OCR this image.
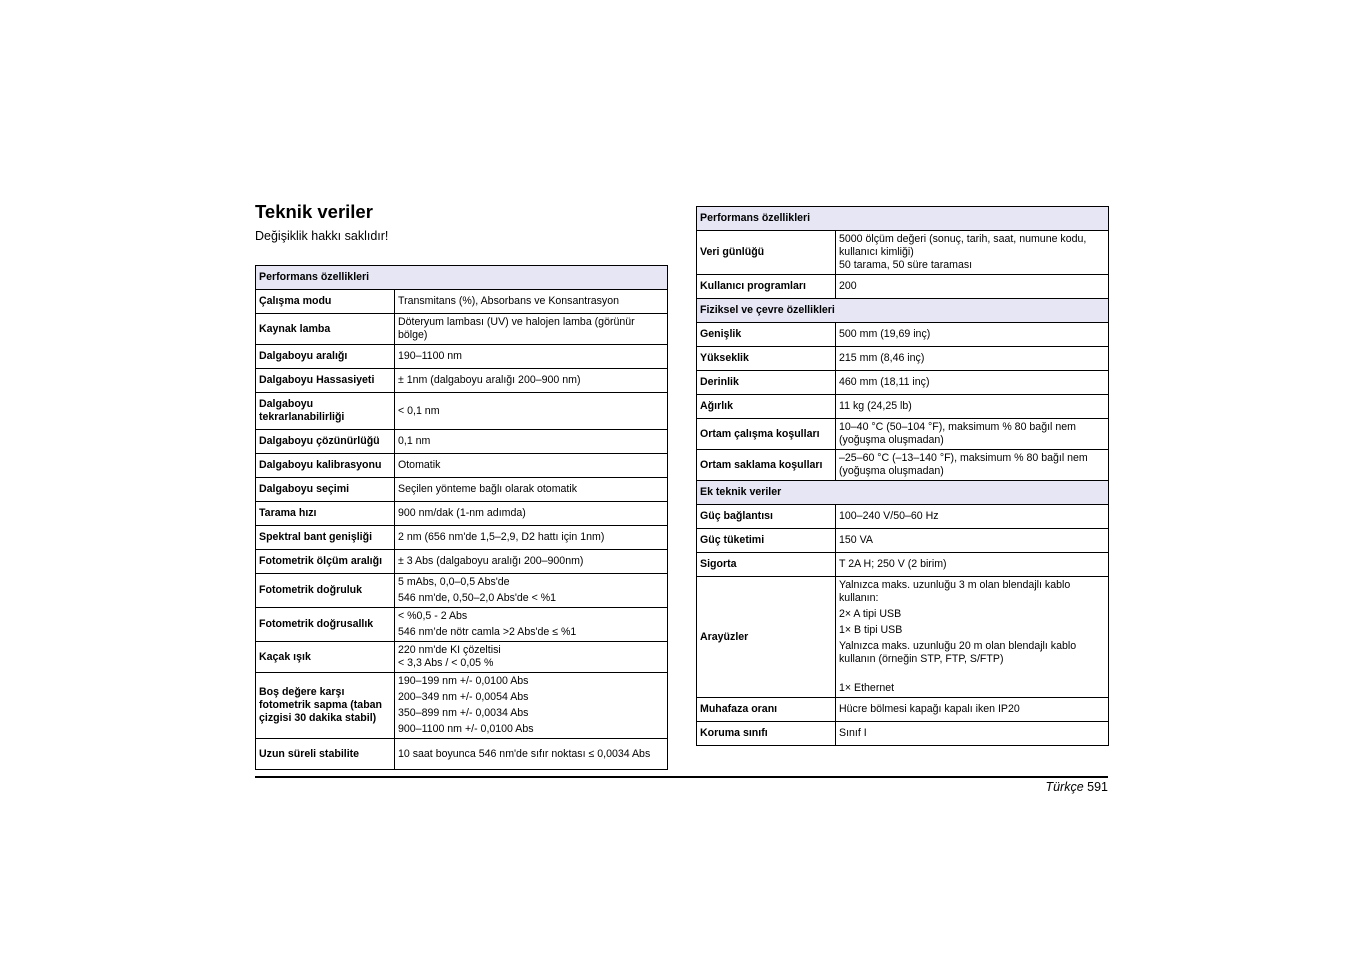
Teknik veriler

Değişiklik hakkı saklıdır!

Performans özellikleri	
Çalışma modu	Transmitans (%), Absorbans ve Konsantrasyon

Kaynak lamba	Döteryum lambası (UV) ve halojen lamba (görünür bölge)

Dalgaboyu aralığı	190–1100 nm

Dalgaboyu Hassasiyeti	± 1nm (dalgaboyu aralığı 200–900 nm)

Dalgaboyu tekrarlanabilirliği	< 0,1 nm

Dalgaboyu çözünürlüğü	0,1 nm

Dalgaboyu kalibrasyonu	Otomatik

Dalgaboyu seçimi	Seçilen yönteme bağlı olarak otomatik

Tarama hızı	900 nm/dak (1-nm adımda)

Spektral bant genişliği	2 nm (656 nm'de 1,5–2,9, D2 hattı için 1nm)

Fotometrik ölçüm aralığı	± 3 Abs (dalgaboyu aralığı 200–900nm)

Fotometrik doğruluk	5 mAbs, 0,0–0,5 Abs'de
546 nm'de, 0,50–2,0 Abs'de < %1

Fotometrik doğrusallık	< %0,5 - 2 Abs
546 nm’de nötr camla >2 Abs'de ≤ %1

Kaçak ışık	220 nm'de KI çözeltisi
< 3,3 Abs / < 0,05 %

Boş değere karşı fotometrik sapma (taban çizgisi 30 dakika stabil)	190–199 nm +/- 0,0100 Abs
200–349 nm +/- 0,0054 Abs
350–899 nm +/- 0,0034 Abs
900–1100 nm +/- 0,0100 Abs

Uzun süreli stabilite	10 saat boyunca 546 nm'de sıfır noktası ≤ 0,0034 Abs
Performans özellikleri	
Veri günlüğü	5000 ölçüm değeri (sonuç, tarih, saat, numune kodu, kullanıcı kimliği)
50 tarama, 50 süre taraması

Kullanıcı programları	200

Fiziksel ve çevre özellikleri	
Genişlik	500 mm (19,69 inç)

Yükseklik	215 mm (8,46 inç)

Derinlik	460 mm (18,11 inç)

Ağırlık	11 kg (24,25 lb)

Ortam çalışma koşulları	10–40 °C (50–104 °F), maksimum % 80 bağıl nem (yoğuşma oluşmadan)

Ortam saklama koşulları	–25–60 °C (–13–140 °F), maksimum % 80 bağıl nem (yoğuşma oluşmadan)

Ek teknik veriler	
Güç bağlantısı	100–240 V/50–60 Hz

Güç tüketimi	150 VA

Sigorta	T 2A H; 250 V (2 birim)

Arayüzler	Yalnızca maks. uzunluğu 3 m olan blendajlı kablo kullanın:
2× A tipi USB
1× B tipi USB
Yalnızca maks. uzunluğu 20 m olan blendajlı kablo kullanın (örneğin STP, FTP, S/FTP)
1× Ethernet

Muhafaza oranı	Hücre bölmesi kapağı kapalı iken IP20

Koruma sınıfı	Sınıf I
Türkçe 591
